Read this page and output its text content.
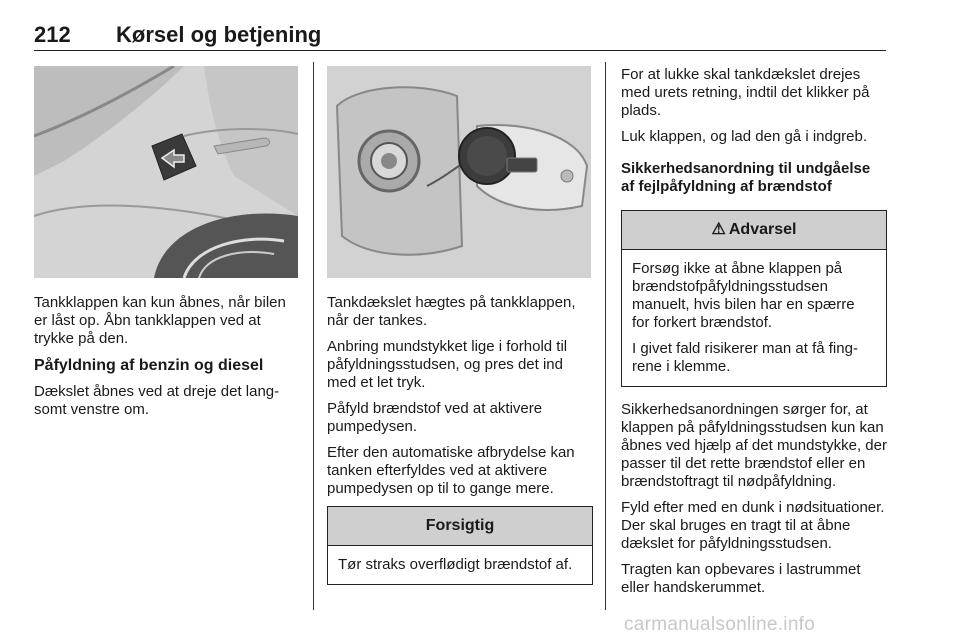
212 Kørsel og betjening

Tankklappen kan kun åbnes, når bilen er låst op. Åbn tankklappen ved at trykke på den.

Påfyldning af benzin og diesel

Dækslet åbnes ved at dreje det langsomt venstre om.

Tankdækslet hægtes på tankklappen, når der tankes.

Anbring mundstykket lige i forhold til påfyldningsstudsen, og pres det ind med et let tryk.

Påfyld brændstof ved at aktivere pumpedysen.

Efter den automatiske afbrydelse kan tanken efterfyldes ved at aktivere pumpedysen op til to gange mere.

Forsigtig

Tør straks overflødigt brændstof af.

For at lukke skal tankdækslet drejes med urets retning, indtil det klikker på plads.

Luk klappen, og lad den gå i indgreb.

Sikkerhedsanordning til undgåelse af fejlpåfyldning af brændstof
⚠ Advarsel

Forsøg ikke at åbne klappen på brændstofpåfyldningsstudsen manuelt, hvis bilen har en spærre for forkert brændstof.

I givet fald risikerer man at få fingrene i klemme.

Sikkerhedsanordningen sørger for, at klappen på påfyldningsstudsen kun kan åbnes ved hjælp af det mundstykke, der passer til det rette brændstof eller en brændstoftragt til nødpåfyldning.

Fyld efter med en dunk i nødsituationer. Der skal bruges en tragt til at åbne dækslet for påfyldningsstudsen.

Tragten kan opbevares i lastrummet eller handskerummet.

carmanualsonline.info
